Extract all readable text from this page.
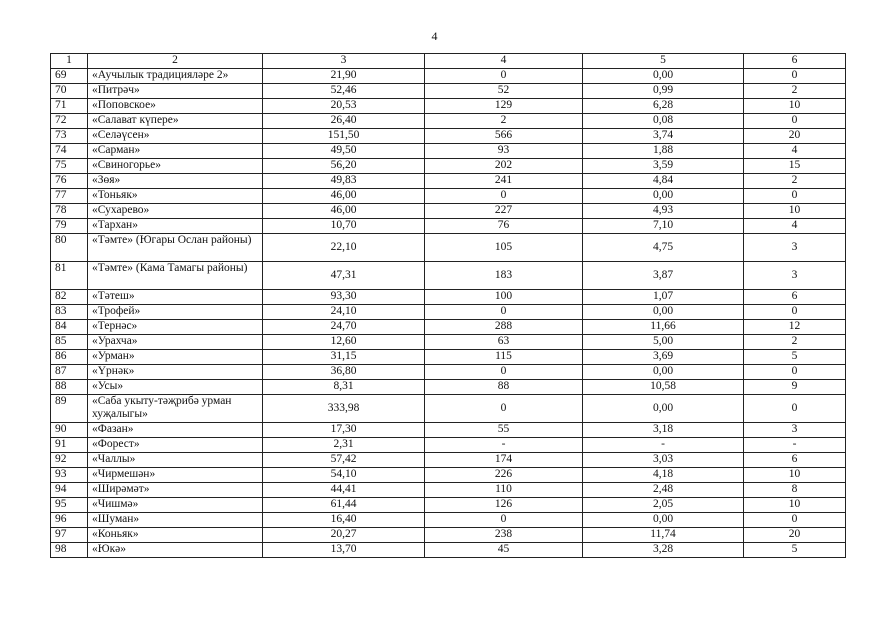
4
1	2	3	4	5	6
69	«Аучылык традицияләре 2»	21,90	0	0,00	0
70	«Питрәч»	52,46	52	0,99	2
71	«Поповское»	20,53	129	6,28	10
72	«Салават күпере»	26,40	2	0,08	0
73	«Селәүсен»	151,50	566	3,74	20
74	«Сарман»	49,50	93	1,88	4
75	«Свиногорье»	56,20	202	3,59	15
76	«Зөя»	49,83	241	4,84	2
77	«Тоньяк»	46,00	0	0,00	0
78	«Сухарево»	46,00	227	4,93	10
79	«Тархан»	10,70	76	7,10	4
80	«Тәмте» (Югары Ослан районы)	22,10	105	4,75	3
81	«Тәмте» (Кама Тамагы районы)	47,31	183	3,87	3
82	«Тәтеш»	93,30	100	1,07	6
83	«Трофей»	24,10	0	0,00	0
84	«Тернәс»	24,70	288	11,66	12
85	«Урахча»	12,60	63	5,00	2
86	«Урман»	31,15	115	3,69	5
87	«Үрнәк»	36,80	0	0,00	0
88	«Усы»	8,31	88	10,58	9
89	«Саба укыту-тәҗрибә урман хуҗалыгы»	333,98	0	0,00	0
90	«Фазан»	17,30	55	3,18	3
91	«Форест»	2,31	-	-	-
92	«Чаллы»	57,42	174	3,03	6
93	«Чирмешән»	54,10	226	4,18	10
94	«Ширәмәт»	44,41	110	2,48	8
95	«Чишмә»	61,44	126	2,05	10
96	«Шуман»	16,40	0	0,00	0
97	«Коньяк»	20,27	238	11,74	20
98	«Юкә»	13,70	45	3,28	5
